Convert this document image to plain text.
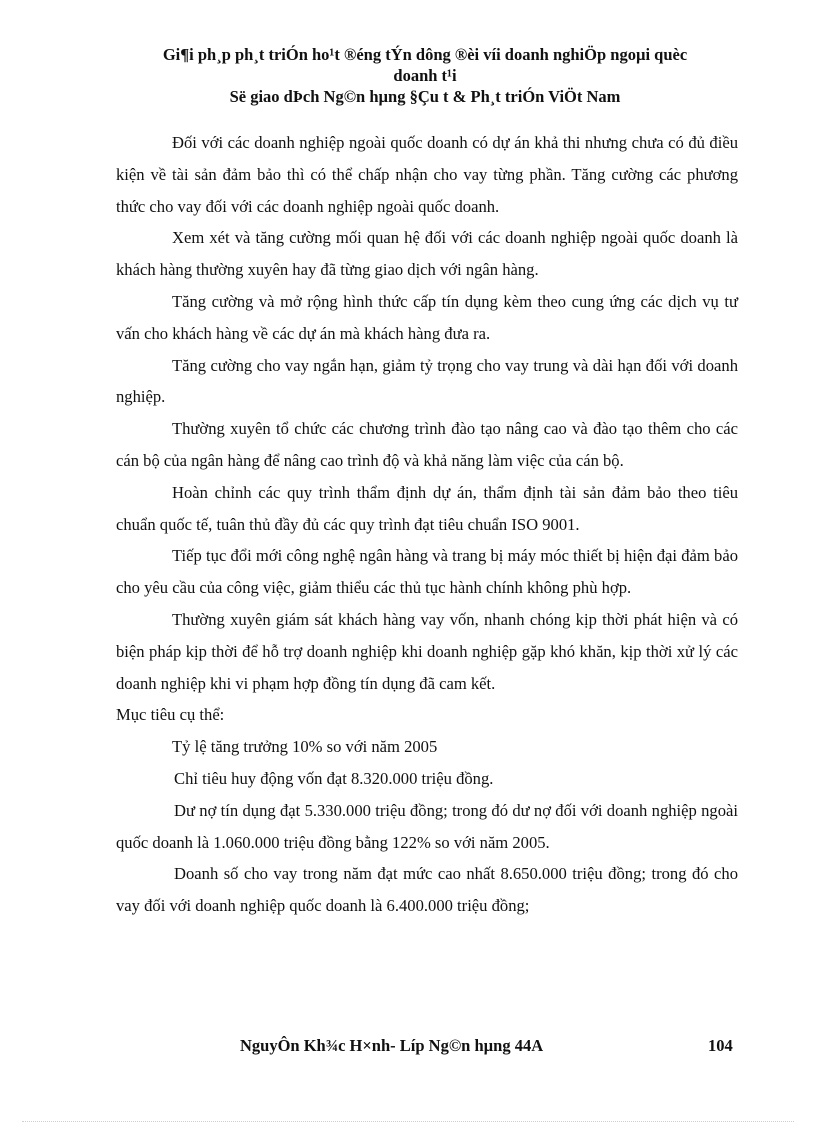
Gi¶i ph¸p ph¸t triÓn ho¹t ®éng tÝn dông ®èi víi doanh nghiÖp ngoµi quèc
doanh t¹i
Së giao dÞch Ng©n hµng §Çu t & Ph¸t triÓn ViÖt Nam

Đối với các doanh nghiệp ngoài quốc doanh có dự án khả thi nhưng chưa có đủ điều kiện về tài sản đảm bảo thì có thể chấp nhận cho vay từng phần. Tăng cường các phương thức cho vay đối với các doanh nghiệp ngoài quốc doanh.

Xem xét và tăng cường mối quan hệ đối với các doanh nghiệp ngoài quốc doanh là khách hàng thường xuyên hay đã từng giao dịch với ngân hàng.

Tăng cường và mở rộng hình thức cấp tín dụng kèm theo cung ứng các dịch vụ tư vấn cho khách hàng về các dự án mà khách hàng đưa ra.

Tăng cường cho vay ngắn hạn, giảm tỷ trọng cho vay trung và dài hạn đối với doanh nghiệp.

Thường xuyên tổ chức các chương trình đào tạo nâng cao và đào tạo thêm cho các cán bộ của ngân hàng để nâng cao trình độ và khả năng làm việc của cán bộ.

Hoàn chỉnh các quy trình thẩm định dự án, thẩm định tài sản đảm bảo theo tiêu chuẩn quốc tế, tuân thủ đầy đủ các quy trình đạt tiêu chuẩn ISO 9001.

Tiếp tục đổi mới công nghệ ngân hàng và trang bị máy móc thiết bị hiện đại đảm bảo cho yêu cầu của công việc, giảm thiểu các thủ tục hành chính không phù hợp.

Thường xuyên giám sát khách hàng vay vốn, nhanh chóng kịp thời phát hiện và có biện pháp kịp thời để hỗ trợ doanh nghiệp khi doanh nghiệp gặp khó khăn, kịp thời xử lý các doanh nghiệp khi vi phạm hợp đồng tín dụng đã cam kết.

Mục tiêu cụ thể:

Tỷ lệ tăng trưởng 10% so với năm 2005

Chỉ tiêu huy động vốn đạt 8.320.000 triệu đồng.

Dư nợ tín dụng đạt 5.330.000 triệu đồng; trong đó dư nợ đối với doanh nghiệp ngoài quốc doanh là 1.060.000 triệu đồng bằng 122% so với năm 2005.

Doanh số cho vay trong năm đạt mức cao nhất 8.650.000 triệu đồng; trong đó cho vay đối với doanh nghiệp quốc doanh là 6.400.000 triệu đồng;

NguyÔn Kh¾c H×nh- Líp Ng©n hµng 44A	104
